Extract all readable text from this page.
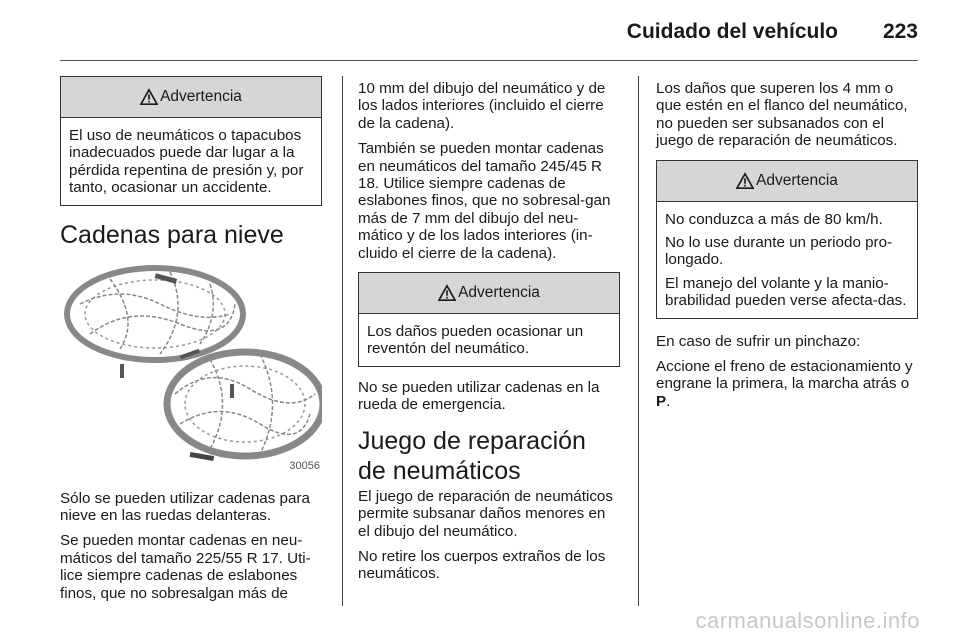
Cuidado del vehículo 223
Advertencia

El uso de neumáticos o tapacubos inadecuados puede dar lugar a la pérdida repentina de presión y, por tanto, ocasionar un accidente.

Cadenas para nieve
30056

Sólo se pueden utilizar cadenas para nieve en las ruedas delanteras.

Se pueden montar cadenas en neu-máticos del tamaño 225/55 R 17. Uti-lice siempre cadenas de eslabones finos, que no sobresalgan más de

10 mm del dibujo del neumático y de los lados interiores (incluido el cierre de la cadena).

También se pueden montar cadenas en neumáticos del tamaño 245/45 R 18. Utilice siempre cadenas de eslabones finos, que no sobresal-gan más de 7 mm del dibujo del neu-mático y de los lados interiores (in-cluido el cierre de la cadena).

Advertencia

Los daños pueden ocasionar un reventón del neumático.

No se pueden utilizar cadenas en la rueda de emergencia.

Juego de reparación de neumáticos

El juego de reparación de neumáticos permite subsanar daños menores en el dibujo del neumático.

No retire los cuerpos extraños de los neumáticos.

Los daños que superen los 4 mm o que estén en el flanco del neumático, no pueden ser subsanados con el juego de reparación de neumáticos.

Advertencia

No conduzca a más de 80 km/h.

No lo use durante un periodo pro-longado.

El manejo del volante y la manio-brabilidad pueden verse afecta-das.

En caso de sufrir un pinchazo:

Accione el freno de estacionamiento y engrane la primera, la marcha atrás o P.

carmanualsonline.info
